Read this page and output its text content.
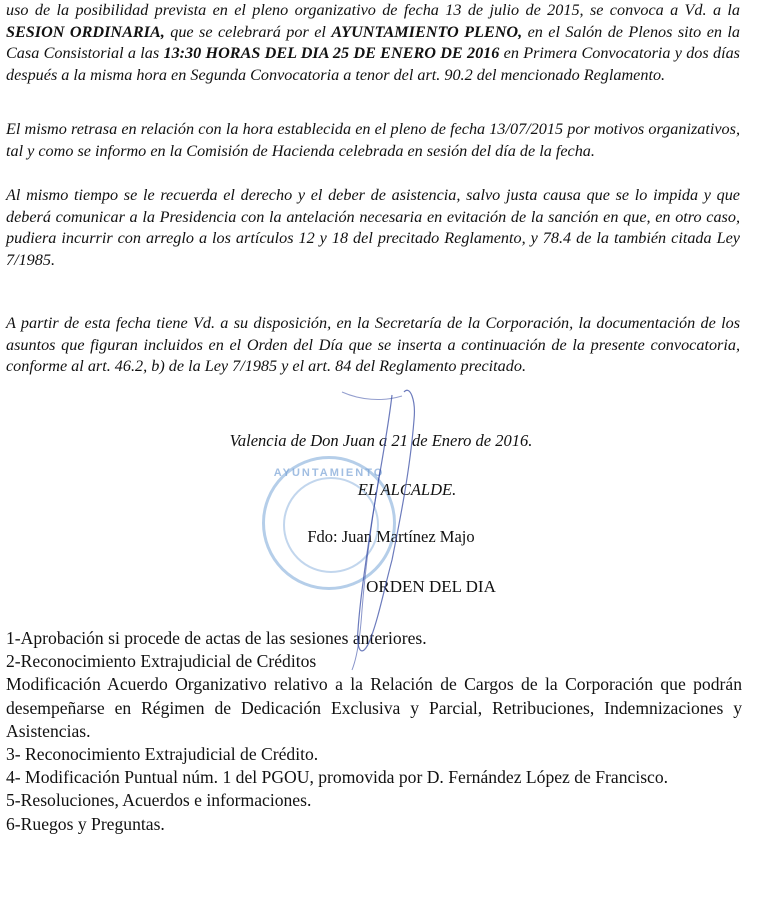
uso de la posibilidad prevista en el pleno organizativo de fecha 13 de julio de 2015, se convoca a Vd. a la SESION ORDINARIA, que se celebrará por el AYUNTAMIENTO PLENO, en el Salón de Plenos sito en la Casa Consistorial a las 13:30 HORAS DEL DIA 25 DE ENERO DE 2016 en Primera Convocatoria y dos días después a la misma hora en Segunda Convocatoria a tenor del art. 90.2 del mencionado Reglamento.

El mismo retrasa en relación con la hora establecida en el pleno de fecha 13/07/2015 por motivos organizativos, tal y como se informo en la Comisión de Hacienda celebrada en sesión del día de la fecha.

Al mismo tiempo se le recuerda el derecho y el deber de asistencia, salvo justa causa que se lo impida y que deberá comunicar a la Presidencia con la antelación necesaria en evitación de la sanción en que, en otro caso, pudiera incurrir con arreglo a los artículos 12 y 18 del precitado Reglamento, y 78.4 de la también citada Ley 7/1985.

A partir de esta fecha tiene Vd. a su disposición, en la Secretaría de la Corporación, la documentación de los asuntos que figuran incluidos en el Orden del Día que se inserta a continuación de la presente convocatoria, conforme al art. 46.2, b) de la Ley 7/1985 y el art. 84 del Reglamento precitado.

AYUNTAMIENTO

Valencia de Don Juan a 21 de Enero de 2016.

EL ALCALDE.

Fdo: Juan Martínez Majo

ORDEN DEL DIA

1-Aprobación si procede de actas de las sesiones anteriores.
2-Reconocimiento Extrajudicial de Créditos
Modificación Acuerdo Organizativo relativo a la Relación de Cargos de la Corporación que podrán desempeñarse en Régimen de Dedicación Exclusiva y Parcial, Retribuciones, Indemnizaciones y Asistencias.
3- Reconocimiento Extrajudicial de Crédito.
4- Modificación Puntual núm. 1 del PGOU, promovida por D. Fernández López de Francisco.
5-Resoluciones, Acuerdos e informaciones.
6-Ruegos y Preguntas.
